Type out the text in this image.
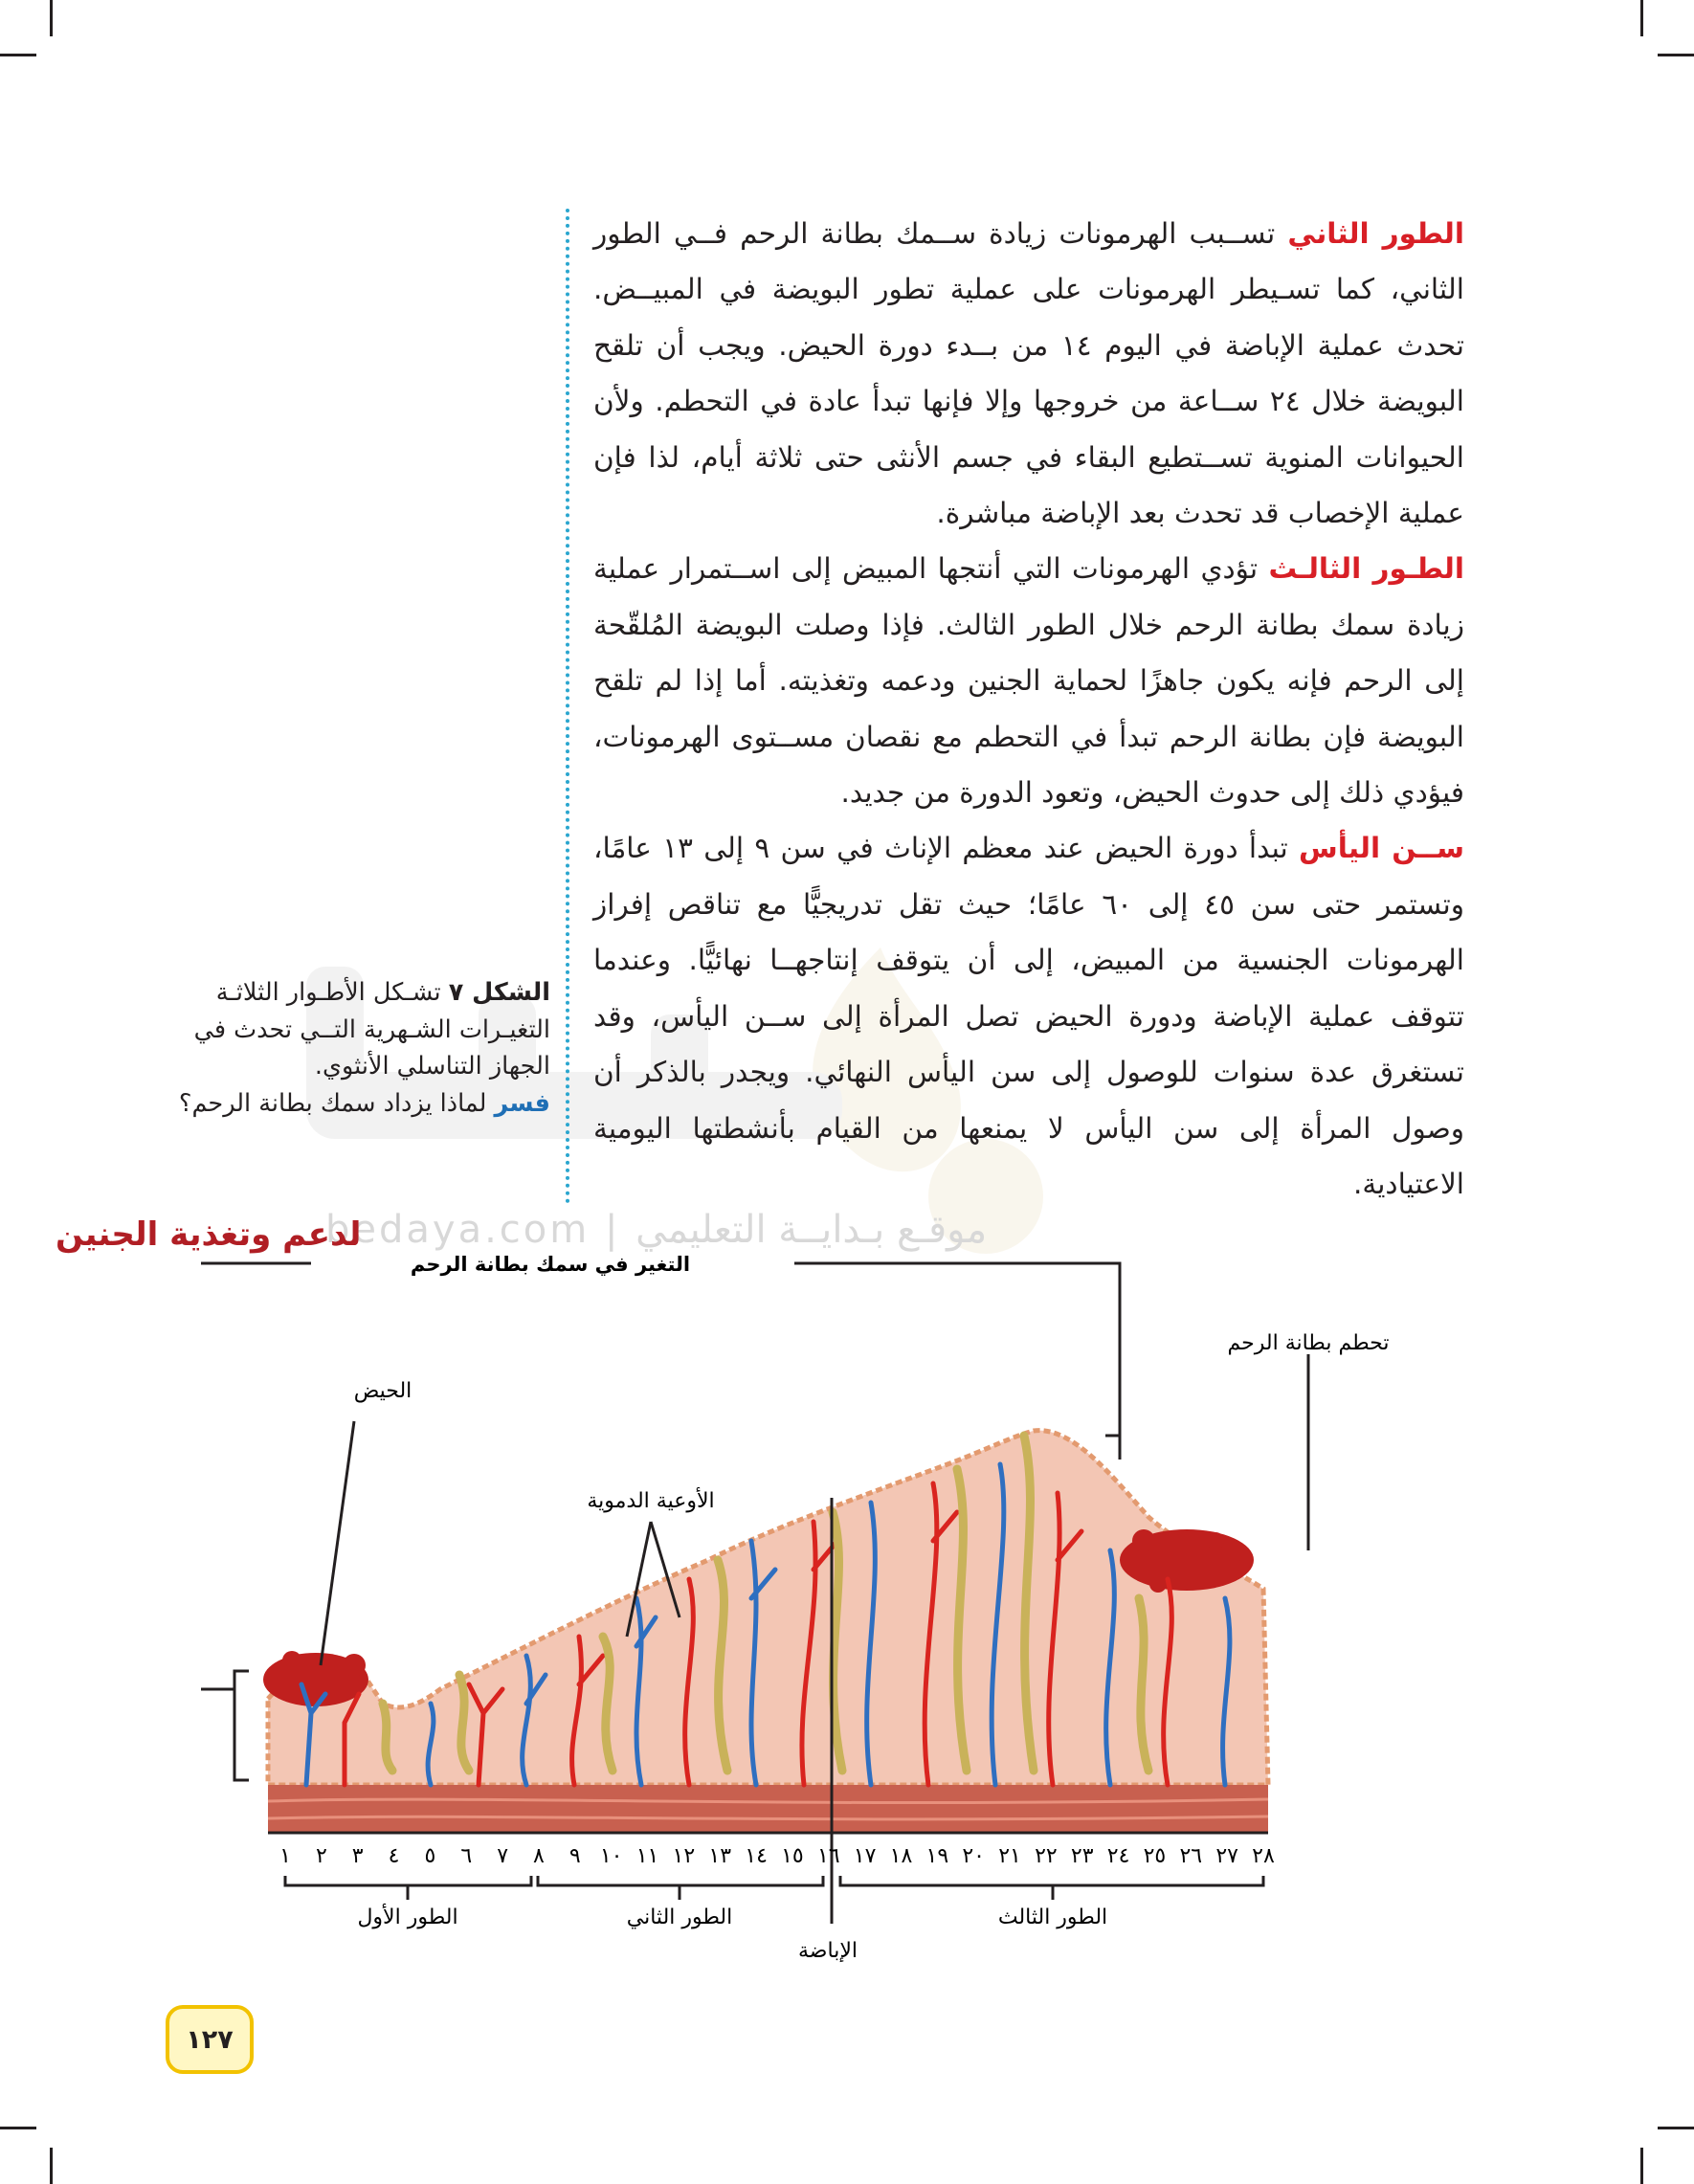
الطور الثاني تســبب الهرمونات زيادة ســمك بطانة الرحم فــي الطور الثاني، كما تسـيطر الهرمونات على عملية تطور البويضة في المبيــض. تحدث عملية الإباضة في اليوم ١٤ من بــدء دورة الحيض. ويجب أن تلقح البويضة خلال ٢٤ ســاعة من خروجها وإلا فإنها تبدأ عادة في التحطم. ولأن الحيوانات المنوية تســتطيع البقاء في جسم الأنثى حتى ثلاثة أيام، لذا فإن عملية الإخصاب قد تحدث بعد الإباضة مباشرة.

الطـور الثالـث تؤدي الهرمونات التي أنتجها المبيض إلى اســتمرار عملية زيادة سمك بطانة الرحم خلال الطور الثالث. فإذا وصلت البويضة المُلقّحة إلى الرحم فإنه يكون جاهزًا لحماية الجنين ودعمه وتغذيته. أما إذا لم تلقح البويضة فإن بطانة الرحم تبدأ في التحطم مع نقصان مســتوى الهرمونات، فيؤدي ذلك إلى حدوث الحيض، وتعود الدورة من جديد.

ســن اليأس تبدأ دورة الحيض عند معظم الإناث في سن ٩ إلى ١٣ عامًا، وتستمر حتى سن ٤٥ إلى ٦٠ عامًا؛ حيث تقل تدريجيًّا مع تناقص إفراز الهرمونات الجنسية من المبيض، إلى أن يتوقف إنتاجهــا نهائيًّا. وعندما تتوقف عملية الإباضة ودورة الحيض تصل المرأة إلى ســن اليأس، وقد تستغرق عدة سنوات للوصول إلى سن اليأس النهائي. ويجدر بالذكر أن وصول المرأة إلى سن اليأس لا يمنعها من القيام بأنشطتها اليومية الاعتيادية.

الشكل ٧ تشـكل الأطـوار الثلاثـة التغيـرات الشـهرية التــي تحدث في الجهاز التناسلي الأنثوي.
فسر لماذا يزداد سمك بطانة الرحم؟
bedaya.com | موقـع بـدايــة التعليمي
لدعم وتغذية الجنين
التغير في سمك بطانة الرحم
الإباضة
الحيض
تحطم بطانة الرحم
الأوعية الدموية
١ ٢ ٣ ٤ ٥ ٦ ٧ ٨ ٩ ١٠ ١١ ١٢ ١٣ ١٤ ١٥ ١٦ ١٧ ١٨ ١٩ ٢٠ ٢١ ٢٢ ٢٣ ٢٤ ٢٥ ٢٦ ٢٧ ٢٨
الطور الأول	الطور الثاني	الطور الثالث
١٢٧
